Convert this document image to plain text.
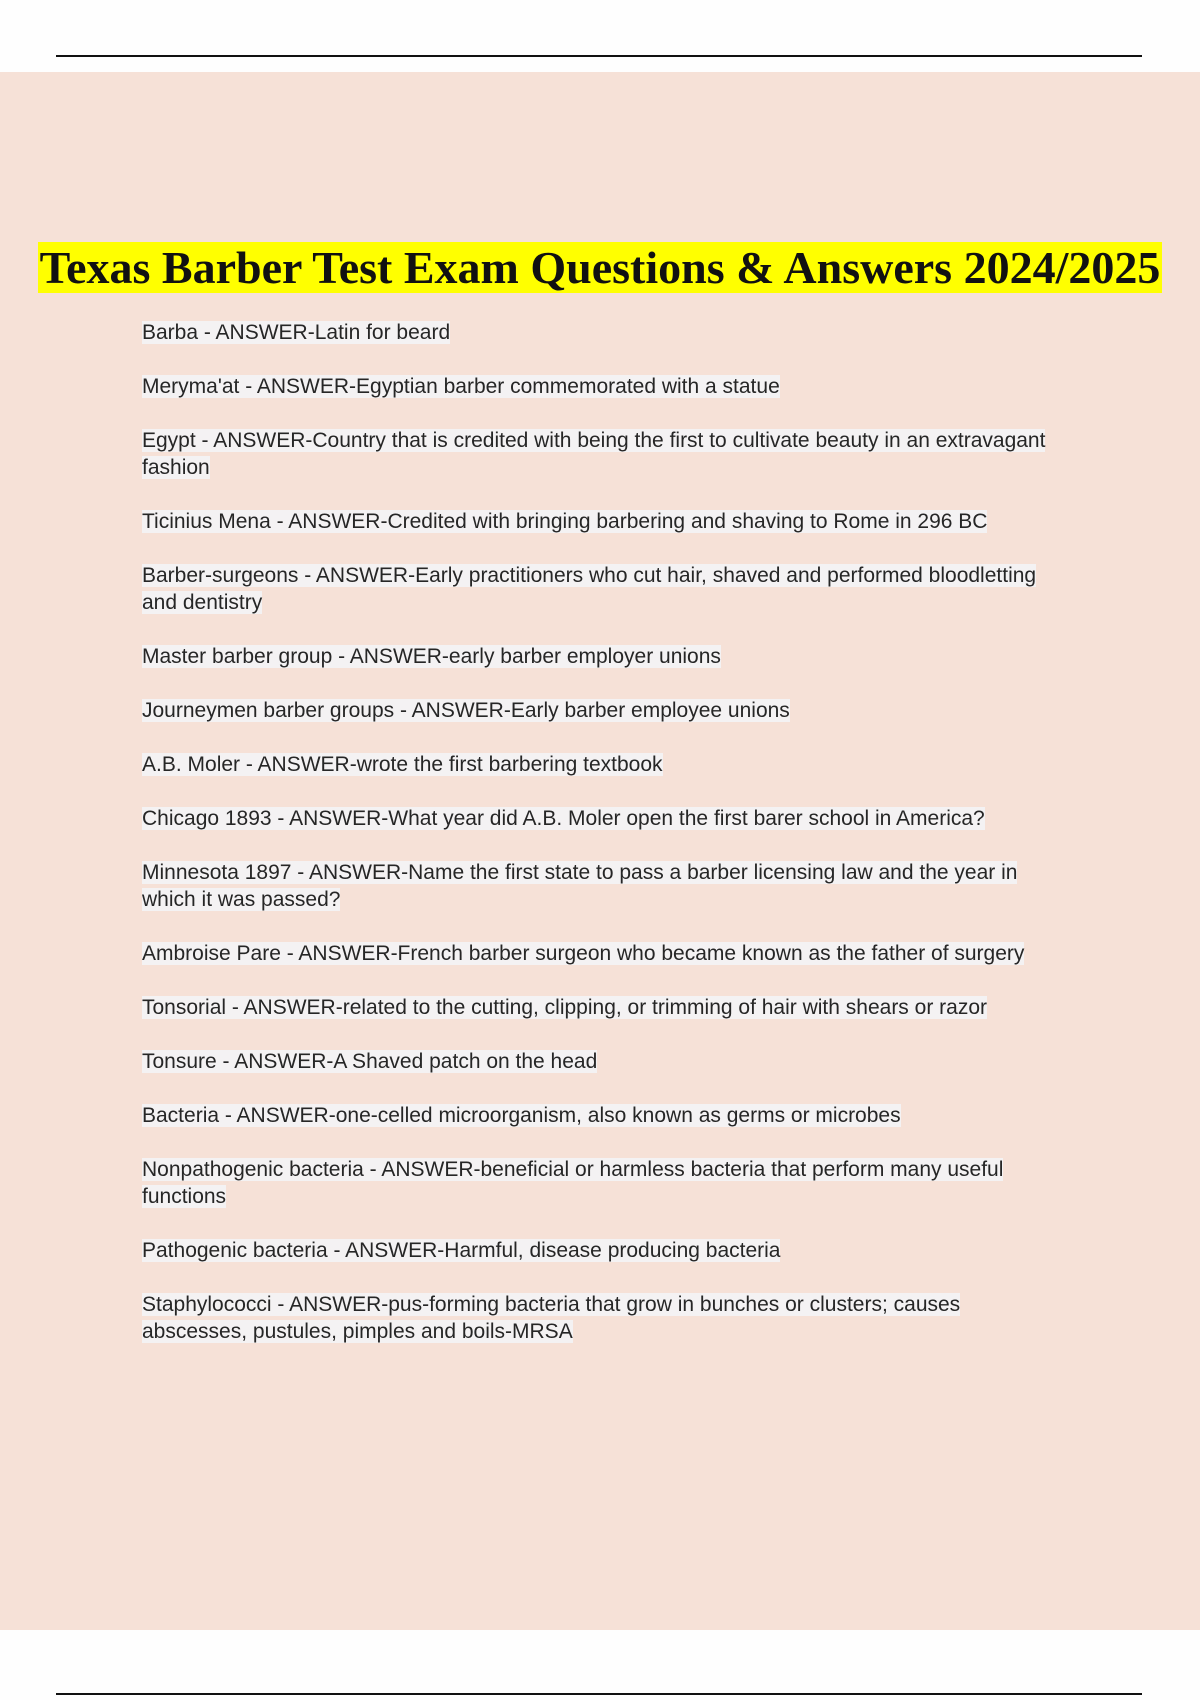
Texas Barber Test Exam Questions & Answers 2024/2025
Barba - ANSWER-Latin for beard
Meryma'at - ANSWER-Egyptian barber commemorated with a statue
Egypt - ANSWER-Country that is credited with being the first to cultivate beauty in an extravagant fashion
Ticinius Mena - ANSWER-Credited with bringing barbering and shaving to Rome in 296 BC
Barber-surgeons - ANSWER-Early practitioners who cut hair, shaved and performed bloodletting and dentistry
Master barber group - ANSWER-early barber employer unions
Journeymen barber groups - ANSWER-Early barber employee unions
A.B. Moler - ANSWER-wrote the first barbering textbook
Chicago 1893 - ANSWER-What year did A.B. Moler open the first barer school in America?
Minnesota 1897 - ANSWER-Name the first state to pass a barber licensing law and the year in which it was passed?
Ambroise Pare - ANSWER-French barber surgeon who became known as the father of surgery
Tonsorial - ANSWER-related to the cutting, clipping, or trimming of hair with shears or razor
Tonsure - ANSWER-A Shaved patch on the head
Bacteria - ANSWER-one-celled microorganism, also known as germs or microbes
Nonpathogenic bacteria - ANSWER-beneficial or harmless bacteria that perform many useful functions
Pathogenic bacteria - ANSWER-Harmful, disease producing bacteria
Staphylococci - ANSWER-pus-forming bacteria that grow in bunches or clusters; causes abscesses, pustules, pimples and boils-MRSA
